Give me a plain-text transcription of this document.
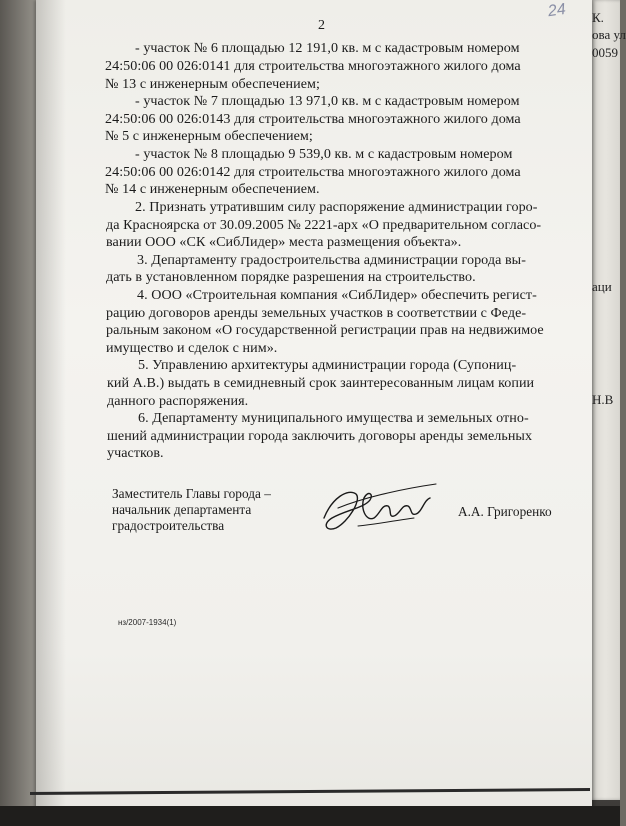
К.
ова ул
0059
аци
Н.В
24
2
- участок № 6 площадью 12 191,0 кв. м с кадастровым номером
24:50:06 00 026:0141 для строительства многоэтажного жилого дома
№ 13 с инженерным обеспечением;
- участок № 7 площадью 13 971,0 кв. м с кадастровым номером
24:50:06 00 026:0143 для строительства многоэтажного жилого дома
№ 5 с инженерным обеспечением;
- участок № 8 площадью 9 539,0 кв. м с кадастровым номером
24:50:06 00 026:0142 для строительства многоэтажного жилого дома
№ 14 с инженерным обеспечением.
2. Признать утратившим силу распоряжение администрации горо-
да Красноярска от 30.09.2005 № 2221-арх «О предварительном согласо-
вании ООО «СК «СибЛидер» места размещения объекта».
3. Департаменту градостроительства администрации города вы-
дать в установленном порядке разрешения на строительство.
4. ООО «Строительная компания «СибЛидер» обеспечить регист-
рацию договоров аренды земельных участков в соответствии с Феде-
ральным законом «О государственной регистрации прав на недвижимое
имущество и сделок с ним».
5. Управлению архитектуры администрации города (Супониц-
кий А.В.) выдать в семидневный срок заинтересованным лицам копии
данного распоряжения.
6. Департаменту муниципального имущества и земельных отно-
шений администрации города заключить договоры аренды земельных
участков.
Заместитель Главы города –
начальник департамента
градостроительства
А.А. Григоренко
нз/2007-1934(1)
